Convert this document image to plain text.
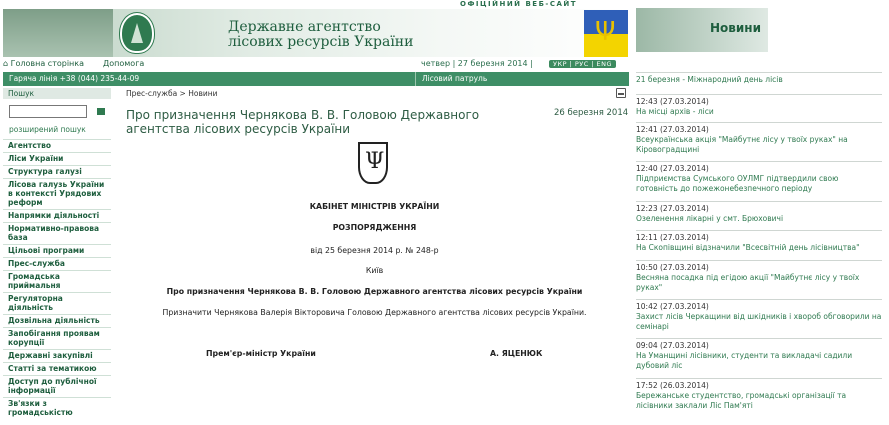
ОФІЦІЙНИЙ ВЕБ-САЙТ
Державне агентство
лісових ресурсів України	Ψ
⌂ Головна сторінка Допомога	четвер | 27 березня 2014 |	УКР | РУС | ENG
Гаряча лінія +38 (044) 235-44-09	Лісовий патруль
Пошук
розширений пошук
Агентство
Ліси України
Структура галузі
Лісова галузь України в контексті Урядових реформ
Напрямки діяльності
Нормативно-правова база
Цільові програми
Прес-служба
Громадська приймальня
Регуляторна діяльність
Дозвільна діяльність
Запобігання проявам корупції
Державні закупівлі
Статті за тематикою
Доступ до публічної інформації
Зв'язки з громадськістю
Прес-служба > Новини
Про призначення Чернякова В. В. Головою Державного агентства лісових ресурсів України
26 березня 2014
Ψ
КАБІНЕТ МІНІСТРІВ УКРАЇНИ
РОЗПОРЯДЖЕННЯ
від 25 березня 2014 р. № 248-р
Київ
Про призначення Чернякова В. В. Головою Державного агентства лісових ресурсів України
Призначити Чернякова Валерія Вікторовича Головою Державного агентства лісових ресурсів України.
Прем'єр-міністр України	А. ЯЦЕНЮК
Новини
21 березня - Міжнародний день лісів
12:43 (27.03.2014)
На місці архів - ліси
12:41 (27.03.2014)
Всеукраїнська акція "Майбутнє лісу у твоїх руках" на Кіровоградщині
12:40 (27.03.2014)
Підприємства Сумського ОУЛМГ підтвердили свою готовність до пожежонебезпечного періоду
12:23 (27.03.2014)
Озеленення лікарні у смт. Брюховичі
12:11 (27.03.2014)
На Скопівщині відзначили "Всесвітній день лісівництва"
10:50 (27.03.2014)
Весняна посадка під егідою акції "Майбутнє лісу у твоїх руках"
10:42 (27.03.2014)
Захист лісів Черкащини від шкідників і хвороб обговорили на семінарі
09:04 (27.03.2014)
На Уманщині лісівники, студенти та викладачі садили дубовий ліс
17:52 (26.03.2014)
Бережанське студентство, громадські організації та лісівники заклали Ліс Пам'яті
